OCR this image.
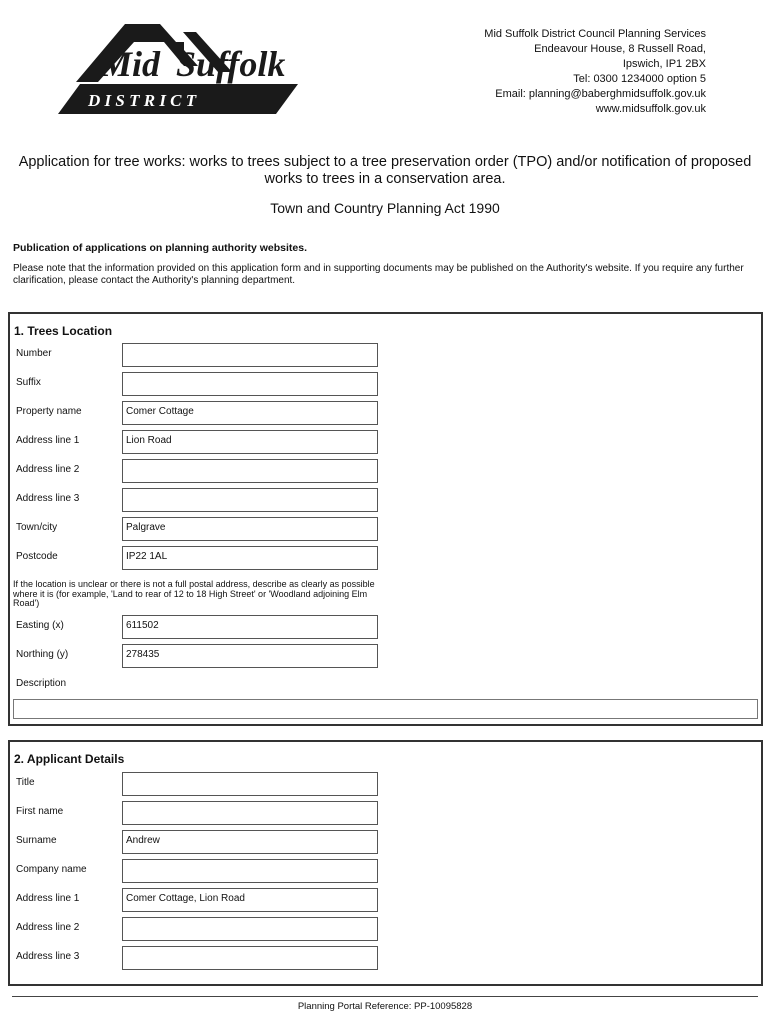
Mid Suffolk
D I S T R I C T
Mid Suffolk District Council Planning Services
Endeavour House, 8 Russell Road,
Ipswich, IP1 2BX
Tel: 0300 1234000 option 5
Email: planning@baberghmidsuffolk.gov.uk
www.midsuffolk.gov.uk
Application for tree works: works to trees subject to a tree preservation order (TPO) and/or notification of proposed works to trees in a conservation area.
Town and Country Planning Act 1990
Publication of applications on planning authority websites.
Please note that the information provided on this application form and in supporting documents may be published on the Authority's website. If you require any further clarification, please contact the Authority's planning department.
1. Trees Location
Number
Suffix
Property name	Comer Cottage
Address line 1	Lion Road
Address line 2
Address line 3
Town/city	Palgrave
Postcode	IP22 1AL
If the location is unclear or there is not a full postal address, describe as clearly as possible where it is (for example, 'Land to rear of 12 to 18 High Street' or 'Woodland adjoining Elm Road')
Easting (x)	611502
Northing (y)	278435
Description
2. Applicant Details
Title
First name
Surname	Andrew
Company name
Address line 1	Comer Cottage, Lion Road
Address line 2
Address line 3
Planning Portal Reference: PP-10095828
